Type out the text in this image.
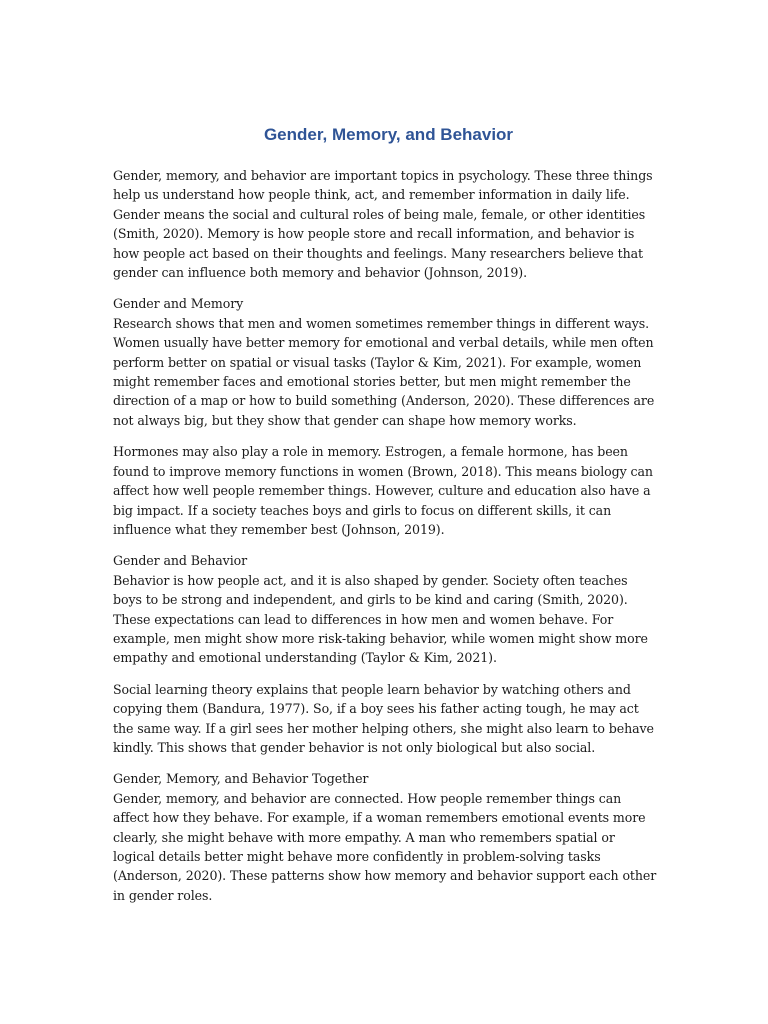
Gender, Memory, and Behavior

Gender, memory, and behavior are important topics in psychology. These three things help us understand how people think, act, and remember information in daily life. Gender means the social and cultural roles of being male, female, or other identities (Smith, 2020). Memory is how people store and recall information, and behavior is how people act based on their thoughts and feelings. Many researchers believe that gender can influence both memory and behavior (Johnson, 2019).

Gender and Memory
Research shows that men and women sometimes remember things in different ways. Women usually have better memory for emotional and verbal details, while men often perform better on spatial or visual tasks (Taylor & Kim, 2021). For example, women might remember faces and emotional stories better, but men might remember the direction of a map or how to build something (Anderson, 2020). These differences are not always big, but they show that gender can shape how memory works.

Hormones may also play a role in memory. Estrogen, a female hormone, has been found to improve memory functions in women (Brown, 2018). This means biology can affect how well people remember things. However, culture and education also have a big impact. If a society teaches boys and girls to focus on different skills, it can influence what they remember best (Johnson, 2019).

Gender and Behavior
Behavior is how people act, and it is also shaped by gender. Society often teaches boys to be strong and independent, and girls to be kind and caring (Smith, 2020). These expectations can lead to differences in how men and women behave. For example, men might show more risk-taking behavior, while women might show more empathy and emotional understanding (Taylor & Kim, 2021).

Social learning theory explains that people learn behavior by watching others and copying them (Bandura, 1977). So, if a boy sees his father acting tough, he may act the same way. If a girl sees her mother helping others, she might also learn to behave kindly. This shows that gender behavior is not only biological but also social.

Gender, Memory, and Behavior Together
Gender, memory, and behavior are connected. How people remember things can affect how they behave. For example, if a woman remembers emotional events more clearly, she might behave with more empathy. A man who remembers spatial or logical details better might behave more confidently in problem-solving tasks (Anderson, 2020). These patterns show how memory and behavior support each other in gender roles.
